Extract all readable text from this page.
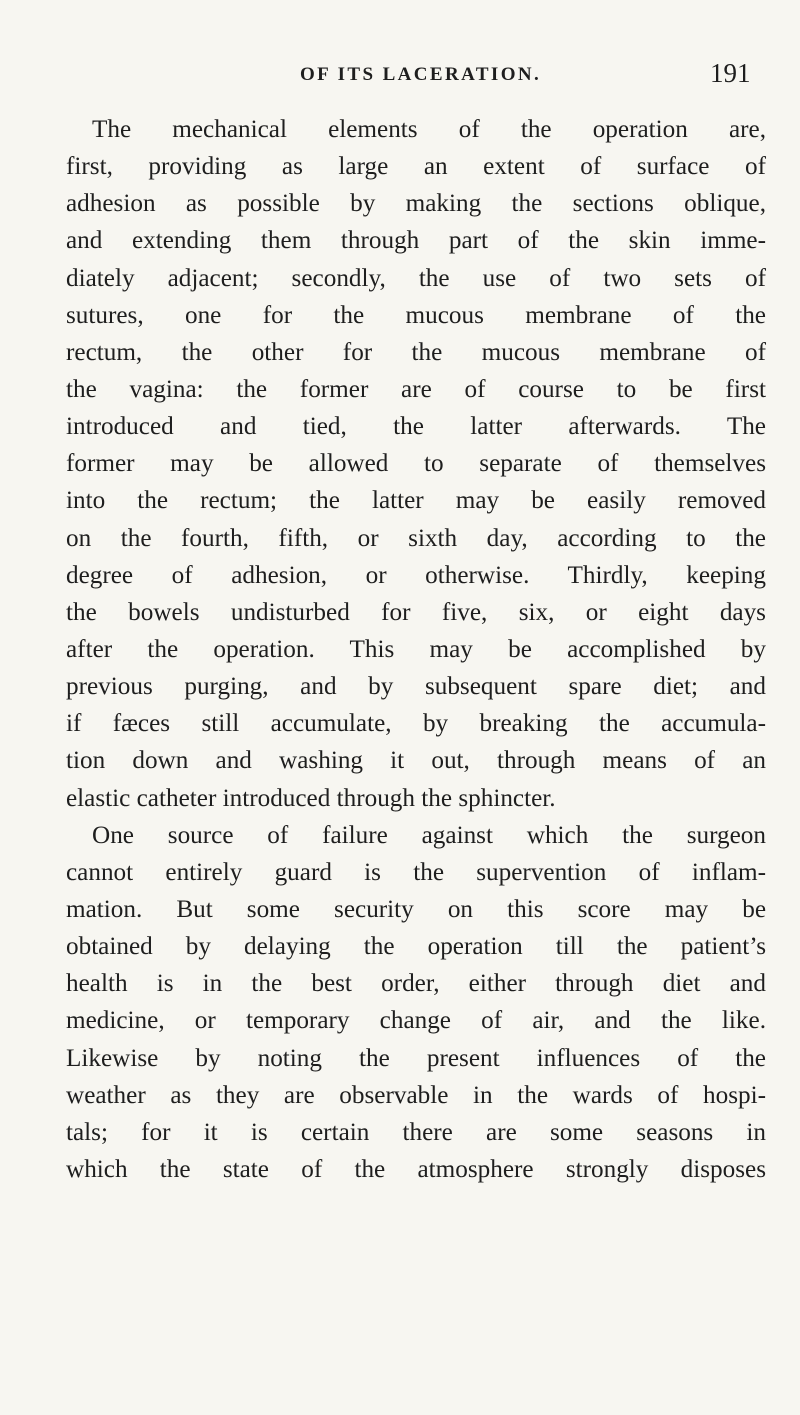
OF ITS LACERATION.	191
The mechanical elements of the operation are,
first, providing as large an extent of surface of
adhesion as possible by making the sections oblique,
and extending them through part of the skin imme-
diately adjacent; secondly, the use of two sets of
sutures, one for the mucous membrane of the
rectum, the other for the mucous membrane of
the vagina: the former are of course to be first
introduced and tied, the latter afterwards. The
former may be allowed to separate of themselves
into the rectum; the latter may be easily removed
on the fourth, fifth, or sixth day, according to the
degree of adhesion, or otherwise. Thirdly, keeping
the bowels undisturbed for five, six, or eight days
after the operation. This may be accomplished by
previous purging, and by subsequent spare diet; and
if fæces still accumulate, by breaking the accumula-
tion down and washing it out, through means of an
elastic catheter introduced through the sphincter.
One source of failure against which the surgeon
cannot entirely guard is the supervention of inflam-
mation. But some security on this score may be
obtained by delaying the operation till the patient’s
health is in the best order, either through diet and
medicine, or temporary change of air, and the like.
Likewise by noting the present influences of the
weather as they are observable in the wards of hospi-
tals; for it is certain there are some seasons in
which the state of the atmosphere strongly disposes
